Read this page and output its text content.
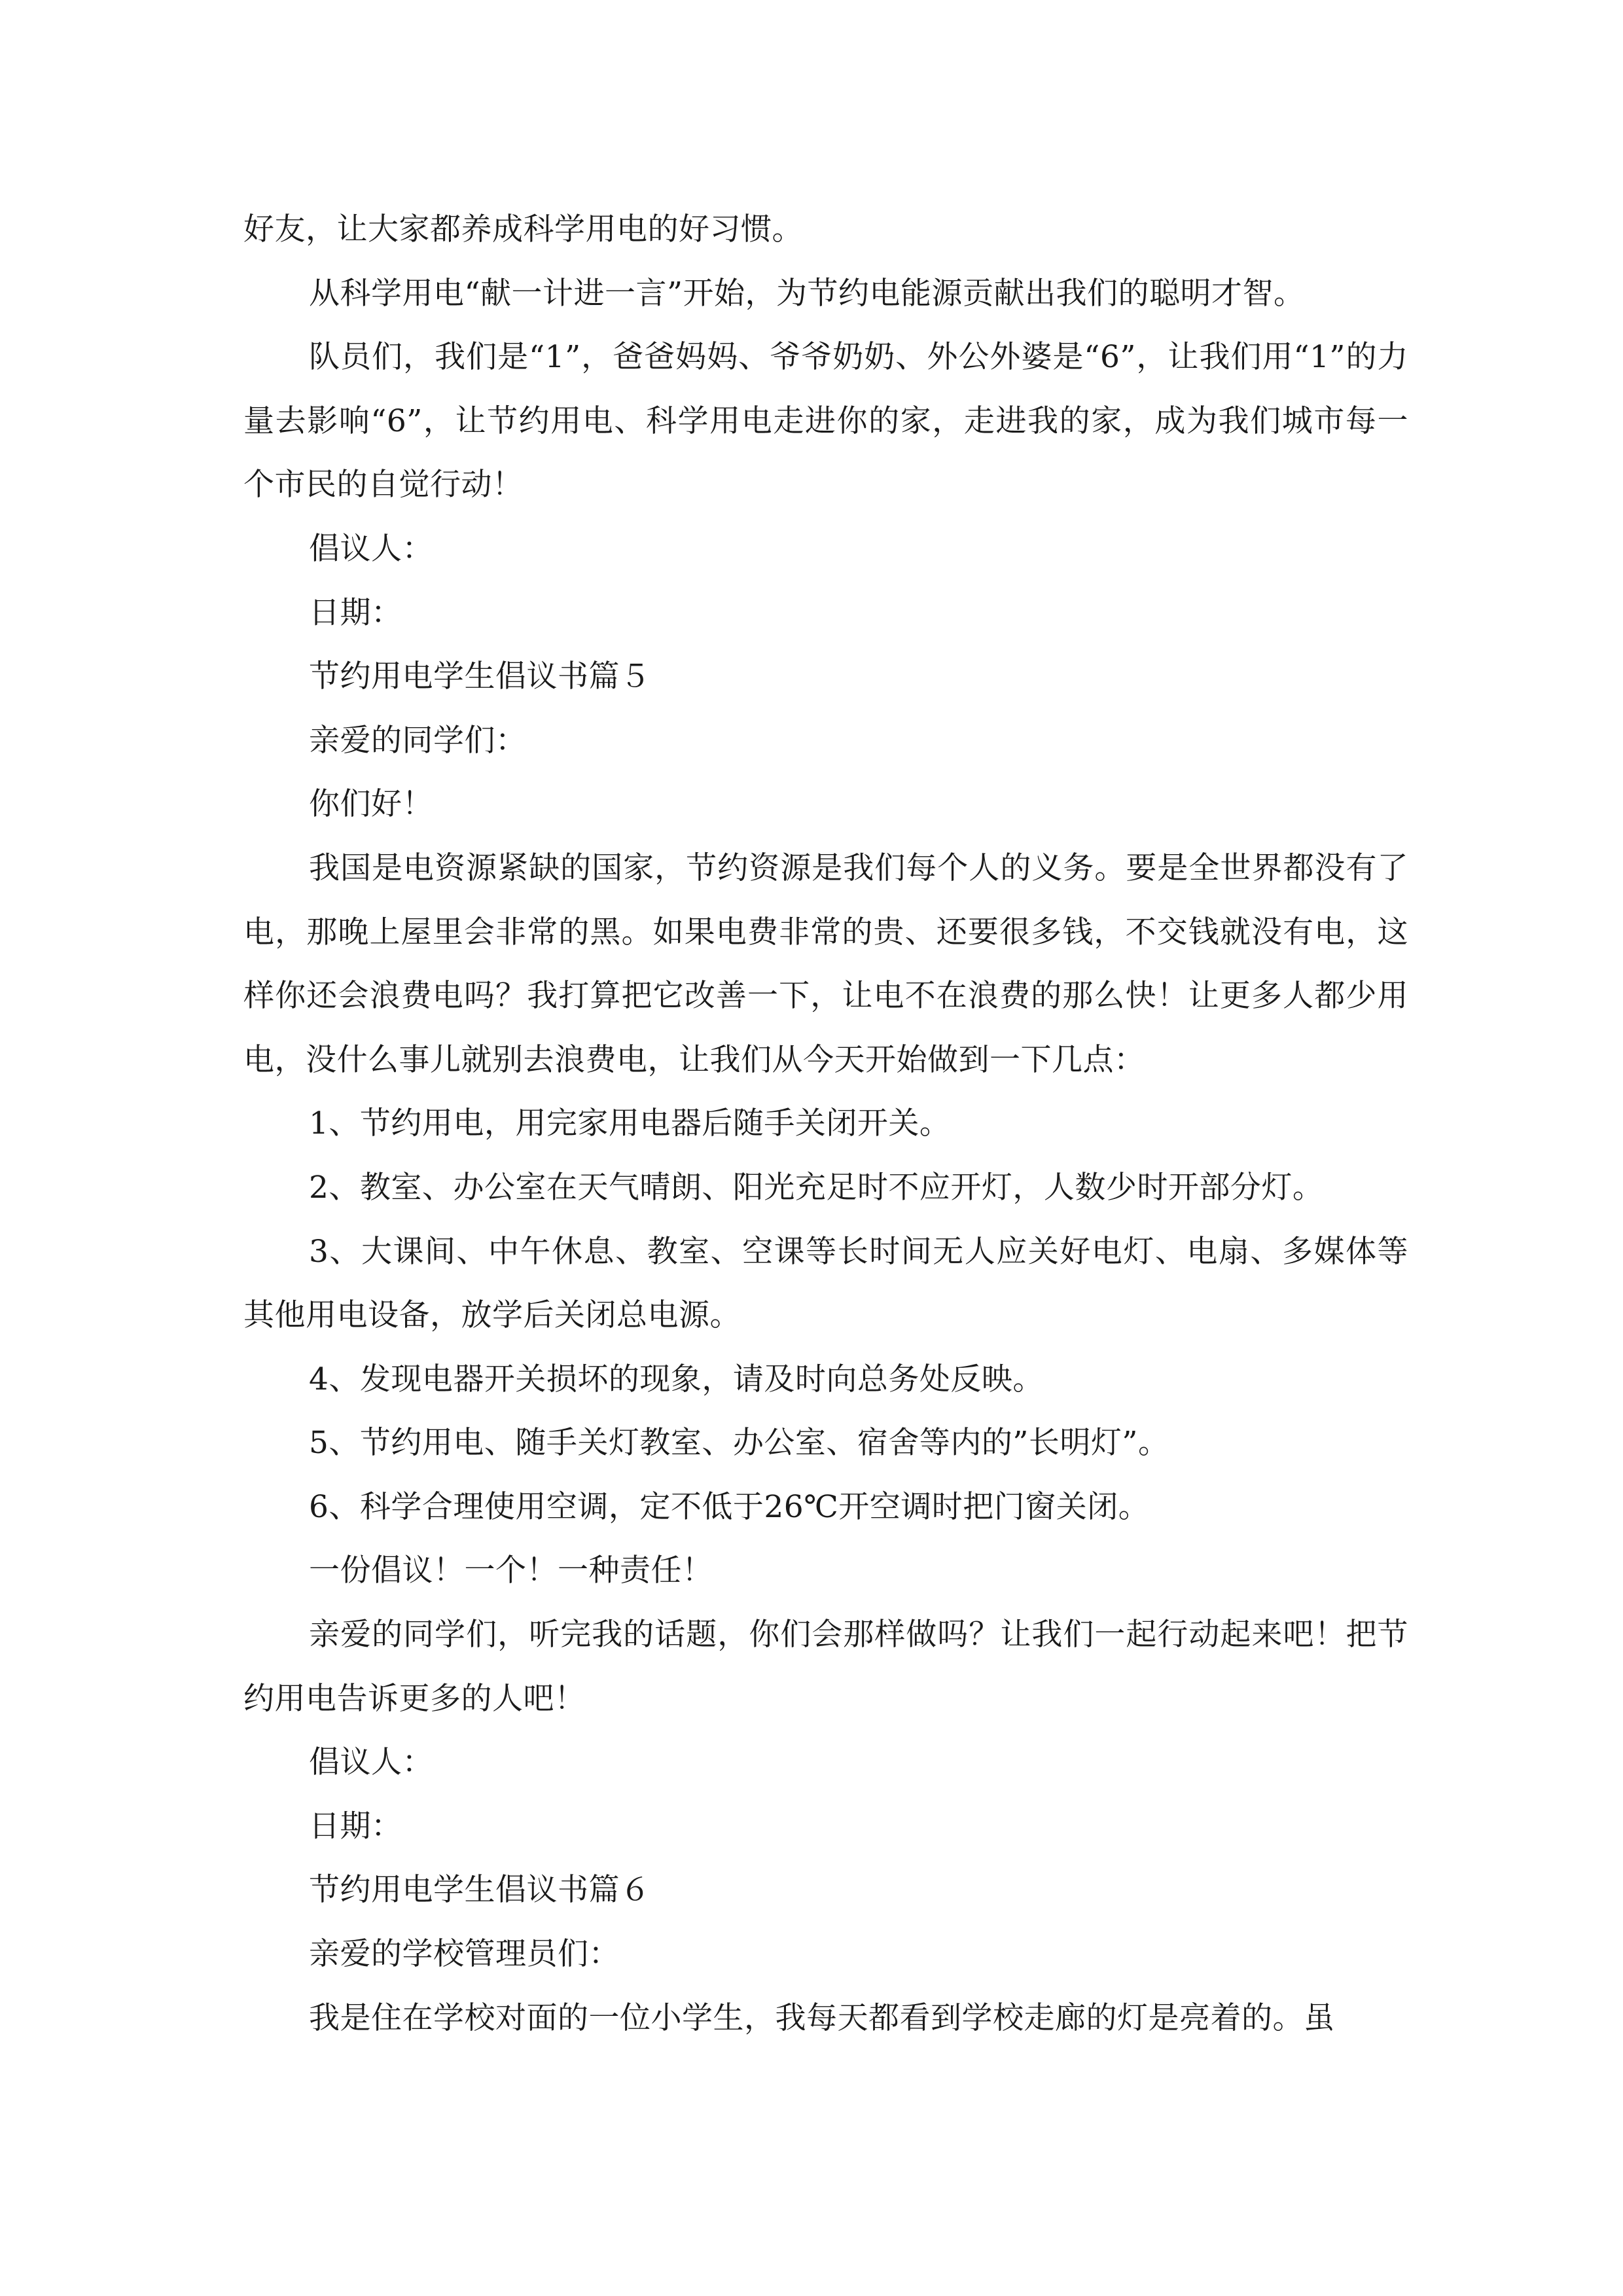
好友，让大家都养成科学用电的好习惯。

从科学用电“献一计进一言”开始，为节约电能源贡献出我们的聪明才智。

队员们，我们是“1”，爸爸妈妈、爷爷奶奶、外公外婆是“6”，让我们用“1”的力量去影响“6”，让节约用电、科学用电走进你的家，走进我的家，成为我们城市每一个市民的自觉行动！

倡议人：

日期：

节约用电学生倡议书篇５

亲爱的同学们：

你们好！

我国是电资源紧缺的国家，节约资源是我们每个人的义务。要是全世界都没有了电，那晚上屋里会非常的黑。如果电费非常的贵、还要很多钱，不交钱就没有电，这样你还会浪费电吗？我打算把它改善一下，让电不在浪费的那么快！让更多人都少用电，没什么事儿就别去浪费电，让我们从今天开始做到一下几点：

1、节约用电，用完家用电器后随手关闭开关。

2、教室、办公室在天气晴朗、阳光充足时不应开灯，人数少时开部分灯。

3、大课间、中午休息、教室、空课等长时间无人应关好电灯、电扇、多媒体等其他用电设备，放学后关闭总电源。

4、发现电器开关损坏的现象，请及时向总务处反映。

5、节约用电、随手关灯教室、办公室、宿舍等内的”长明灯”。

6、科学合理使用空调，定不低于26℃开空调时把门窗关闭。

一份倡议！一个！一种责任！

亲爱的同学们，听完我的话题，你们会那样做吗？让我们一起行动起来吧！把节约用电告诉更多的人吧！

倡议人：

日期：

节约用电学生倡议书篇６

亲爱的学校管理员们：

我是住在学校对面的一位小学生，我每天都看到学校走廊的灯是亮着的。虽
